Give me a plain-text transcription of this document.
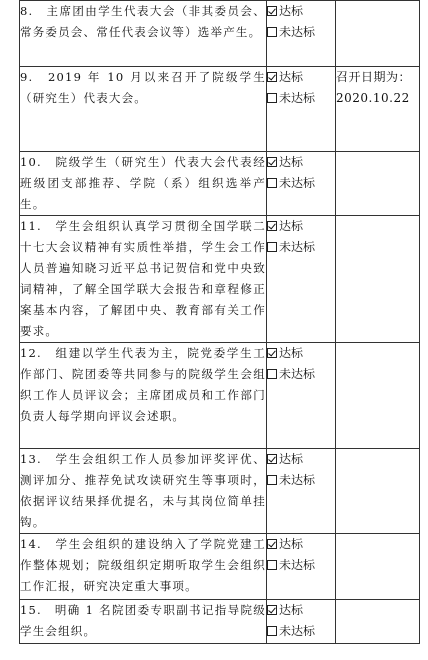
8.　主席团由学生代表大会（非其委员会、常务委员会、常任代表会议等）选举产生。	达标
未达标	

9.　2019 年 10 月以来召开了院级学生（研究生）代表大会。	达标
未达标	召开日期为：2020.10.22
10.　院级学生（研究生）代表大会代表经班级团支部推荐、学院（系）组织选举产生。	达标
未达标	

11.　学生会组织认真学习贯彻全国学联二十七大会议精神有实质性举措，学生会工作人员普遍知晓习近平总书记贺信和党中央致词精神，了解全国学联大会报告和章程修正案基本内容，了解团中央、教育部有关工作要求。	达标
未达标	

12.　组建以学生代表为主，院党委学生工作部门、院团委等共同参与的院级学生会组织工作人员评议会；主席团成员和工作部门负责人每学期向评议会述职。	达标
未达标	

13.　学生会组织工作人员参加评奖评优、测评加分、推荐免试攻读研究生等事项时，依据评议结果择优提名，未与其岗位简单挂钩。	达标
未达标	

14.　学生会组织的建设纳入了学院党建工作整体规划；院级组织定期听取学生会组织工作汇报，研究决定重大事项。	达标
未达标	

15.　明确 1 名院团委专职副书记指导院级学生会组织。	达标
未达标	
